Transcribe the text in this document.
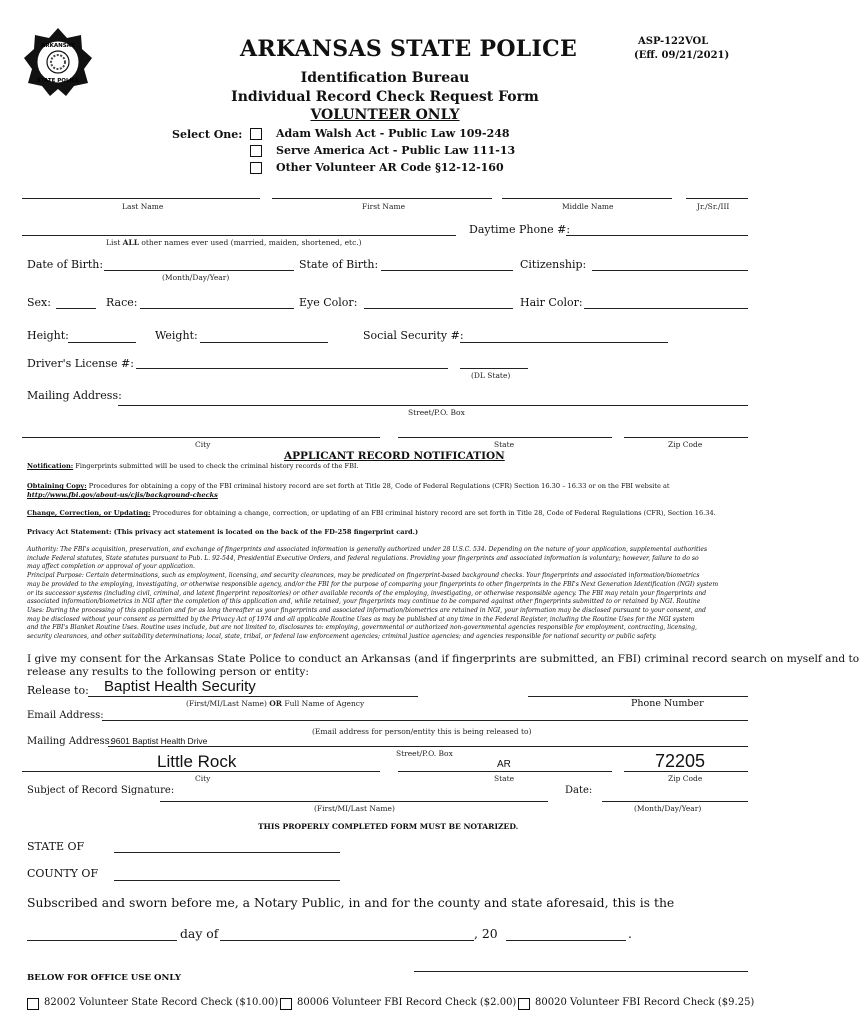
ARKANSAS
STATE POLICE
ARKANSAS STATE POLICE	ASP-122VOL
(Eff. 09/21/2021)
Identification Bureau
Individual Record Check Request Form
VOLUNTEER ONLY
Select One:	Adam Walsh Act - Public Law 109-248
Serve America Act - Public Law 111-13
Other Volunteer AR Code §12-12-160
Last Name	First Name	Middle Name	Jr./Sr./III
List ALL other names ever used (married, maiden, shortened, etc.)
Daytime Phone #:
Date of Birth:
(Month/Day/Year)
State of Birth:	Citizenship:
Sex:	Race:	Eye Color:	Hair Color:
Height:	Weight:	Social Security #:
Driver's License #:
(DL State)
Mailing Address:
Street/P.O. Box
City	State	Zip Code
APPLICANT RECORD NOTIFICATION
Notification: Fingerprints submitted will be used to check the criminal history records of the FBI.
Obtaining Copy: Procedures for obtaining a copy of the FBI criminal history record are set forth at Title 28, Code of Federal Regulations (CFR) Section 16.30 – 16.33 or on the FBI website at
http://www.fbi.gov/about-us/cjis/background-checks
Change, Correction, or Updating: Procedures for obtaining a change, correction, or updating of an FBI criminal history record are set forth in Title 28, Code of Federal Regulations (CFR), Section 16.34.
Privacy Act Statement: (This privacy act statement is located on the back of the FD-258 fingerprint card.)
Authority: The FBI's acquisition, preservation, and exchange of fingerprints and associated information is generally authorized under 28 U.S.C. 534. Depending on the nature of your application, supplemental authorities
include Federal statutes, State statutes pursuant to Pub. L. 92-544, Presidential Executive Orders, and federal regulations. Providing your fingerprints and associated information is voluntary; however, failure to do so
may affect completion or approval of your application.
Principal Purpose: Certain determinations, such as employment, licensing, and security clearances, may be predicated on fingerprint-based background checks. Your fingerprints and associated information/biometrics
may be provided to the employing, investigating, or otherwise responsible agency, and/or the FBI for the purpose of comparing your fingerprints to other fingerprints in the FBI's Next Generation Identification (NGI) system
or its successor systems (including civil, criminal, and latent fingerprint repositories) or other available records of the employing, investigating, or otherwise responsible agency. The FBI may retain your fingerprints and
associated information/biometrics in NGI after the completion of this application and, while retained, your fingerprints may continue to be compared against other fingerprints submitted to or retained by NGI. Routine
Uses: During the processing of this application and for as long thereafter as your fingerprints and associated information/biometrics are retained in NGI, your information may be disclosed pursuant to your consent, and
may be disclosed without your consent as permitted by the Privacy Act of 1974 and all applicable Routine Uses as may be published at any time in the Federal Register, including the Routine Uses for the NGI system
and the FBI's Blanket Routine Uses. Routine uses include, but are not limited to, disclosures to: employing, governmental or authorized non-governmental agencies responsible for employment, contracting, licensing,
security clearances, and other suitability determinations; local, state, tribal, or federal law enforcement agencies; criminal justice agencies; and agencies responsible for national security or public safety.
I give my consent for the Arkansas State Police to conduct an Arkansas (and if fingerprints are submitted, an FBI) criminal record search on myself and to
release any results to the following person or entity:
Release to: Baptist Health Security
(First/MI/Last Name) OR Full Name of Agency	Phone Number
Email Address:
(Email address for person/entity this is being released to)
Mailing Address:
9601 Baptist Health Drive
Street/P.O. Box
Little Rock	AR	72205
City	State	Zip Code
Subject of Record Signature:
(First/MI/Last Name)
Date:
(Month/Day/Year)
THIS PROPERLY COMPLETED FORM MUST BE NOTARIZED.
STATE OF
COUNTY OF
Subscribed and sworn before me, a Notary Public, in and for the county and state aforesaid, this is the
day of	, 20	.
BELOW FOR OFFICE USE ONLY
82002 Volunteer State Record Check ($10.00) 80006 Volunteer FBI Record Check ($2.00) 80020 Volunteer FBI Record Check ($9.25)
